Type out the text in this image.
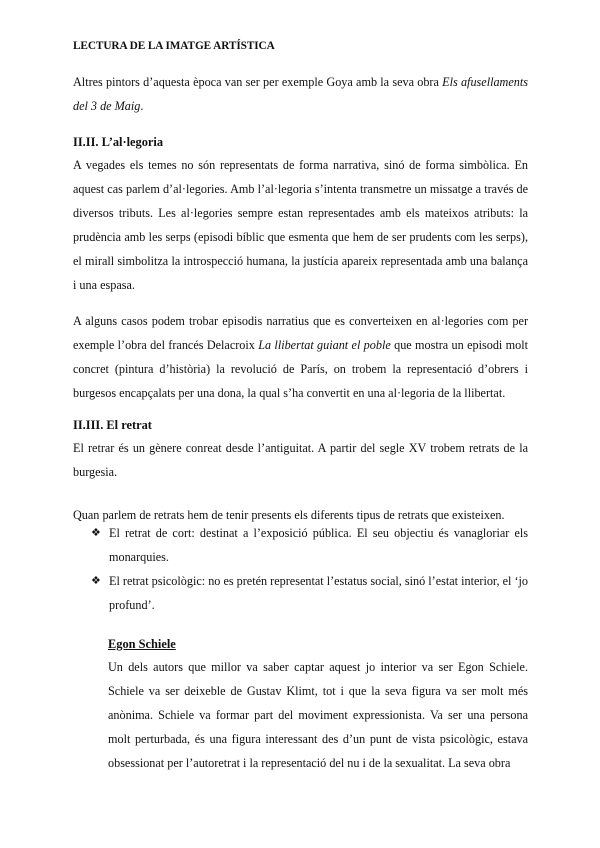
LECTURA DE LA IMATGE ARTÍSTICA

Altres pintors d’aquesta època van ser per exemple Goya amb la seva obra Els afusellaments del 3 de Maig.

II.II. L’al·legoria

A vegades els temes no són representats de forma narrativa, sinó de forma simbòlica. En aquest cas parlem d’al·legories. Amb l’al·legoria s’intenta transmetre un missatge a través de diversos tributs. Les al·legories sempre estan representades amb els mateixos atributs: la prudència amb les serps (episodi bíblic que esmenta que hem de ser prudents com les serps), el mirall simbolitza la introspecció humana, la justícia apareix representada amb una balança i una espasa.

A alguns casos podem trobar episodis narratius que es converteixen en al·legories com per exemple l’obra del francés Delacroix La llibertat guiant el poble que mostra un episodi molt concret (pintura d’història) la revolució de París, on trobem la representació d’obrers i burgesos encapçalats per una dona, la qual s’ha convertit en una al·legoria de la llibertat.

II.III. El retrat

El retrar és un gènere conreat desde l’antiguitat. A partir del segle XV trobem retrats de la burgesia.

Quan parlem de retrats hem de tenir presents els diferents tipus de retrats que existeixen.

❖ El retrat de cort: destinat a l’exposició pública. El seu objectiu és vanagloriar els monarquies.
❖ El retrat psicològic: no es pretén representat l’estatus social, sinó l’estat interior, el ‘jo profund’.
Egon Schiele

Un dels autors que millor va saber captar aquest jo interior va ser Egon Schiele. Schiele va ser deixeble de Gustav Klimt, tot i que la seva figura va ser molt més anònima. Schiele va formar part del moviment expressionista. Va ser una persona molt perturbada, és una figura interessant des d’un punt de vista psicològic, estava obsessionat per l’autoretrat i la representació del nu i de la sexualitat. La seva obra
